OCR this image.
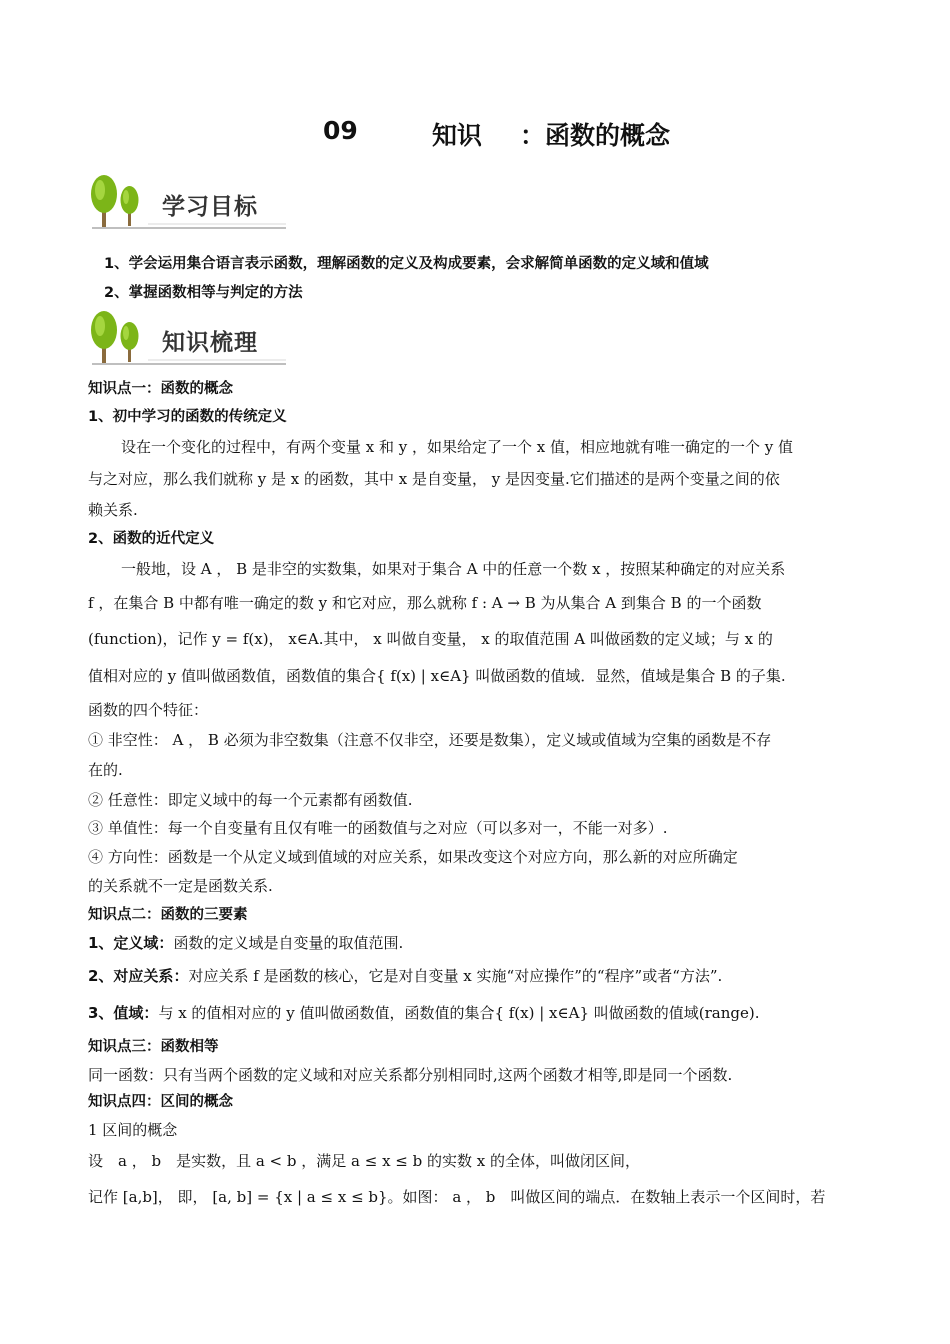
09	知识 ：函数的概念
学习目标
1、学会运用集合语言表示函数，理解函数的定义及构成要素，会求解简单函数的定义域和值域
2、掌握函数相等与判定的方法
知识梳理
知识点一：函数的概念
1、初中学习的函数的传统定义
设在一个变化的过程中，有两个变量 x 和 y ，如果给定了一个 x 值，相应地就有唯一确定的一个 y 值
与之对应，那么我们就称 y 是 x 的函数，其中 x 是自变量， y 是因变量.它们描述的是两个变量之间的依
赖关系.
2、函数的近代定义
一般地，设 A ， B 是非空的实数集，如果对于集合 A 中的任意一个数 x ，按照某种确定的对应关系
f ，在集合 B 中都有唯一确定的数 y 和它对应，那么就称 f : A → B 为从集合 A 到集合 B 的一个函数
(function)，记作 y = f(x)， x∈A.其中， x 叫做自变量， x 的取值范围 A 叫做函数的定义域；与 x 的
值相对应的 y 值叫做函数值，函数值的集合{ f(x) | x∈A} 叫做函数的值域．显然，值域是集合 B 的子集.
函数的四个特征：
① 非空性： A ， B 必须为非空数集（注意不仅非空，还要是数集），定义域或值域为空集的函数是不存
在的.
② 任意性：即定义域中的每一个元素都有函数值.
③ 单值性：每一个自变量有且仅有唯一的函数值与之对应（可以多对一，不能一对多）.
④ 方向性：函数是一个从定义域到值域的对应关系，如果改变这个对应方向，那么新的对应所确定
的关系就不一定是函数关系.
知识点二：函数的三要素
1、定义域：函数的定义域是自变量的取值范围.
2、对应关系：对应关系 f 是函数的核心，它是对自变量 x 实施“对应操作”的“程序”或者“方法”.
3、值域：与 x 的值相对应的 y 值叫做函数值，函数值的集合{ f(x) | x∈A} 叫做函数的值域(range).
知识点三：函数相等
同一函数：只有当两个函数的定义域和对应关系都分别相同时,这两个函数才相等,即是同一个函数.
知识点四：区间的概念
1 区间的概念
设　a ， b　是实数，且 a < b ，满足 a ≤ x ≤ b 的实数 x 的全体，叫做闭区间，
记作 [a,b]， 即， [a, b] = {x | a ≤ x ≤ b}。如图： a ， b　叫做区间的端点．在数轴上表示一个区间时，若
